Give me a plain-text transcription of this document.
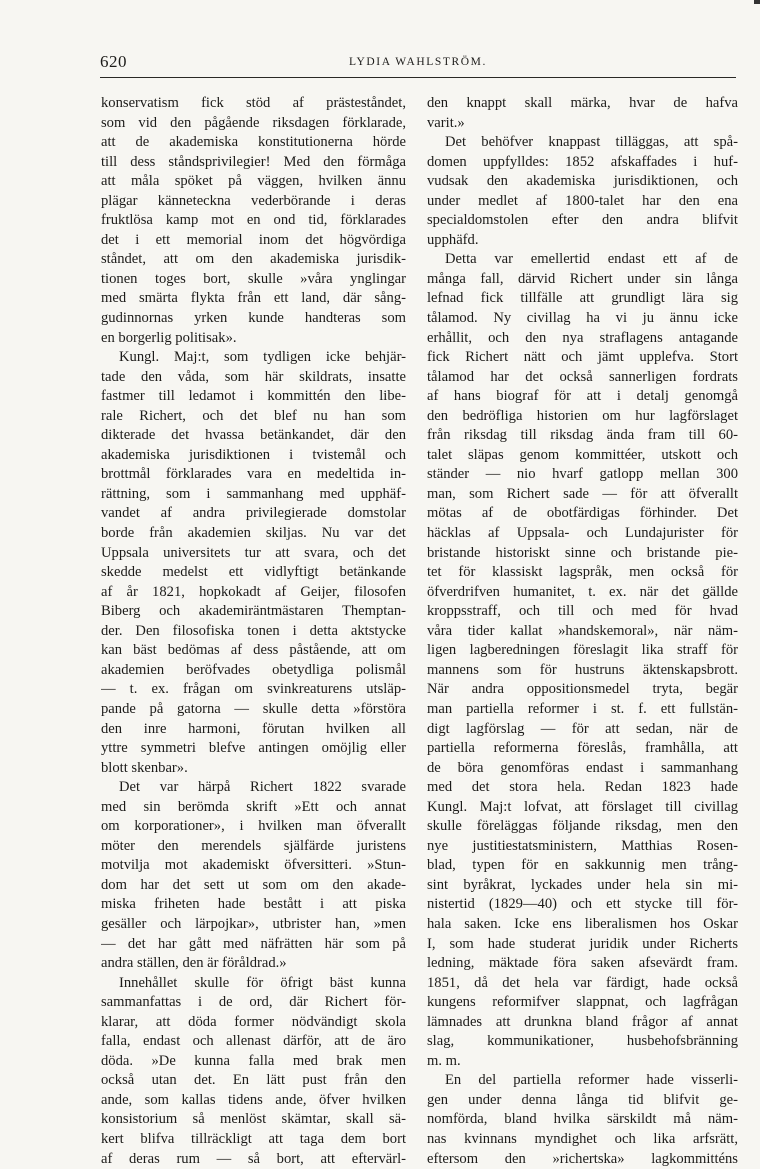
620	LYDIA WAHLSTRÖM.
konservatism fick stöd af prästeståndet,
som vid den pågående riksdagen förklarade,
att de akademiska konstitutionerna hörde
till dess ståndsprivilegier! Med den förmåga
att måla spöket på väggen, hvilken ännu
plägar känneteckna vederbörande i deras
fruktlösa kamp mot en ond tid, förklarades
det i ett memorial inom det högvördiga
ståndet, att om den akademiska jurisdik-
tionen toges bort, skulle »våra ynglingar
med smärta flykta från ett land, där sång-
gudinnornas yrken kunde handteras som
en borgerlig politisak».
Kungl. Maj:t, som tydligen icke behjär-
tade den våda, som här skildrats, insatte
fastmer till ledamot i kommittén den libe-
rale Richert, och det blef nu han som
dikterade det hvassa betänkandet, där den
akademiska jurisdiktionen i tvistemål och
brottmål förklarades vara en medeltida in-
rättning, som i sammanhang med upphäf-
vandet af andra privilegierade domstolar
borde från akademien skiljas. Nu var det
Uppsala universitets tur att svara, och det
skedde medelst ett vidlyftigt betänkande
af år 1821, hopkokadt af Geijer, filosofen
Biberg och akademiräntmästaren Themptan-
der. Den filosofiska tonen i detta aktstycke
kan bäst bedömas af dess påstående, att om
akademien beröfvades obetydliga polismål
— t. ex. frågan om svinkreaturens utsläp-
pande på gatorna — skulle detta »förstöra
den inre harmoni, förutan hvilken all
yttre symmetri blefve antingen omöjlig eller
blott skenbar».
Det var härpå Richert 1822 svarade
med sin berömda skrift »Ett och annat
om korporationer», i hvilken man öfverallt
möter den merendels själfärde juristens
motvilja mot akademiskt öfversitteri. »Stun-
dom har det sett ut som om den akade-
miska friheten hade bestått i att piska
gesäller och lärpojkar», utbrister han, »men
— det har gått med näfrätten här som på
andra ställen, den är föråldrad.»
Innehållet skulle för öfrigt bäst kunna
sammanfattas i de ord, där Richert för-
klarar, att döda former nödvändigt skola
falla, endast och allenast därför, att de äro
döda. »De kunna falla med brak men
också utan det. En lätt pust från den
ande, som kallas tidens ande, öfver hvilken
konsistorium så menlöst skämtar, skall sä-
kert blifva tillräckligt att taga dem bort
af deras rum — så bort, att eftervärl-
den knappt skall märka, hvar de hafva
varit.»
Det behöfver knappast tilläggas, att spå-
domen uppfylldes: 1852 afskaffades i huf-
vudsak den akademiska jurisdiktionen, och
under medlet af 1800-talet har den ena
specialdomstolen efter den andra blifvit
upphäfd.
Detta var emellertid endast ett af de
många fall, därvid Richert under sin långa
lefnad fick tillfälle att grundligt lära sig
tålamod. Ny civillag ha vi ju ännu icke
erhållit, och den nya straflagens antagande
fick Richert nätt och jämt upplefva. Stort
tålamod har det också sannerligen fordrats
af hans biograf för att i detalj genomgå
den bedröfliga historien om hur lagförslaget
från riksdag till riksdag ända fram till 60-
talet släpas genom kommittéer, utskott och
ständer — nio hvarf gatlopp mellan 300
man, som Richert sade — för att öfverallt
mötas af de obotfärdigas förhinder. Det
häcklas af Uppsala- och Lundajurister för
bristande historiskt sinne och bristande pie-
tet för klassiskt lagspråk, men också för
öfverdrifven humanitet, t. ex. när det gällde
kroppsstraff, och till och med för hvad
våra tider kallat »handskemoral», när näm-
ligen lagberedningen föreslagit lika straff för
mannens som för hustruns äktenskapsbrott.
När andra oppositionsmedel tryta, begär
man partiella reformer i st. f. ett fullstän-
digt lagförslag — för att sedan, när de
partiella reformerna föreslås, framhålla, att
de böra genomföras endast i sammanhang
med det stora hela. Redan 1823 hade
Kungl. Maj:t lofvat, att förslaget till civillag
skulle föreläggas följande riksdag, men den
nye justitiestatsministern, Matthias Rosen-
blad, typen för en sakkunnig men trång-
sint byråkrat, lyckades under hela sin mi-
nistertid (1829—40) och ett stycke till för-
hala saken. Icke ens liberalismen hos Oskar
I, som hade studerat juridik under Richerts
ledning, mäktade föra saken afsevärdt fram.
1851, då det hela var färdigt, hade också
kungens reformifver slappnat, och lagfrågan
lämnades att drunkna bland frågor af annat
slag, kommunikationer, husbehofsbränning
m. m.
En del partiella reformer hade visserli-
gen under denna långa tid blifvit ge-
nomförda, bland hvilka särskildt må näm-
nas kvinnans myndighet och lika arfsrätt,
eftersom den »richertska» lagkommitténs
